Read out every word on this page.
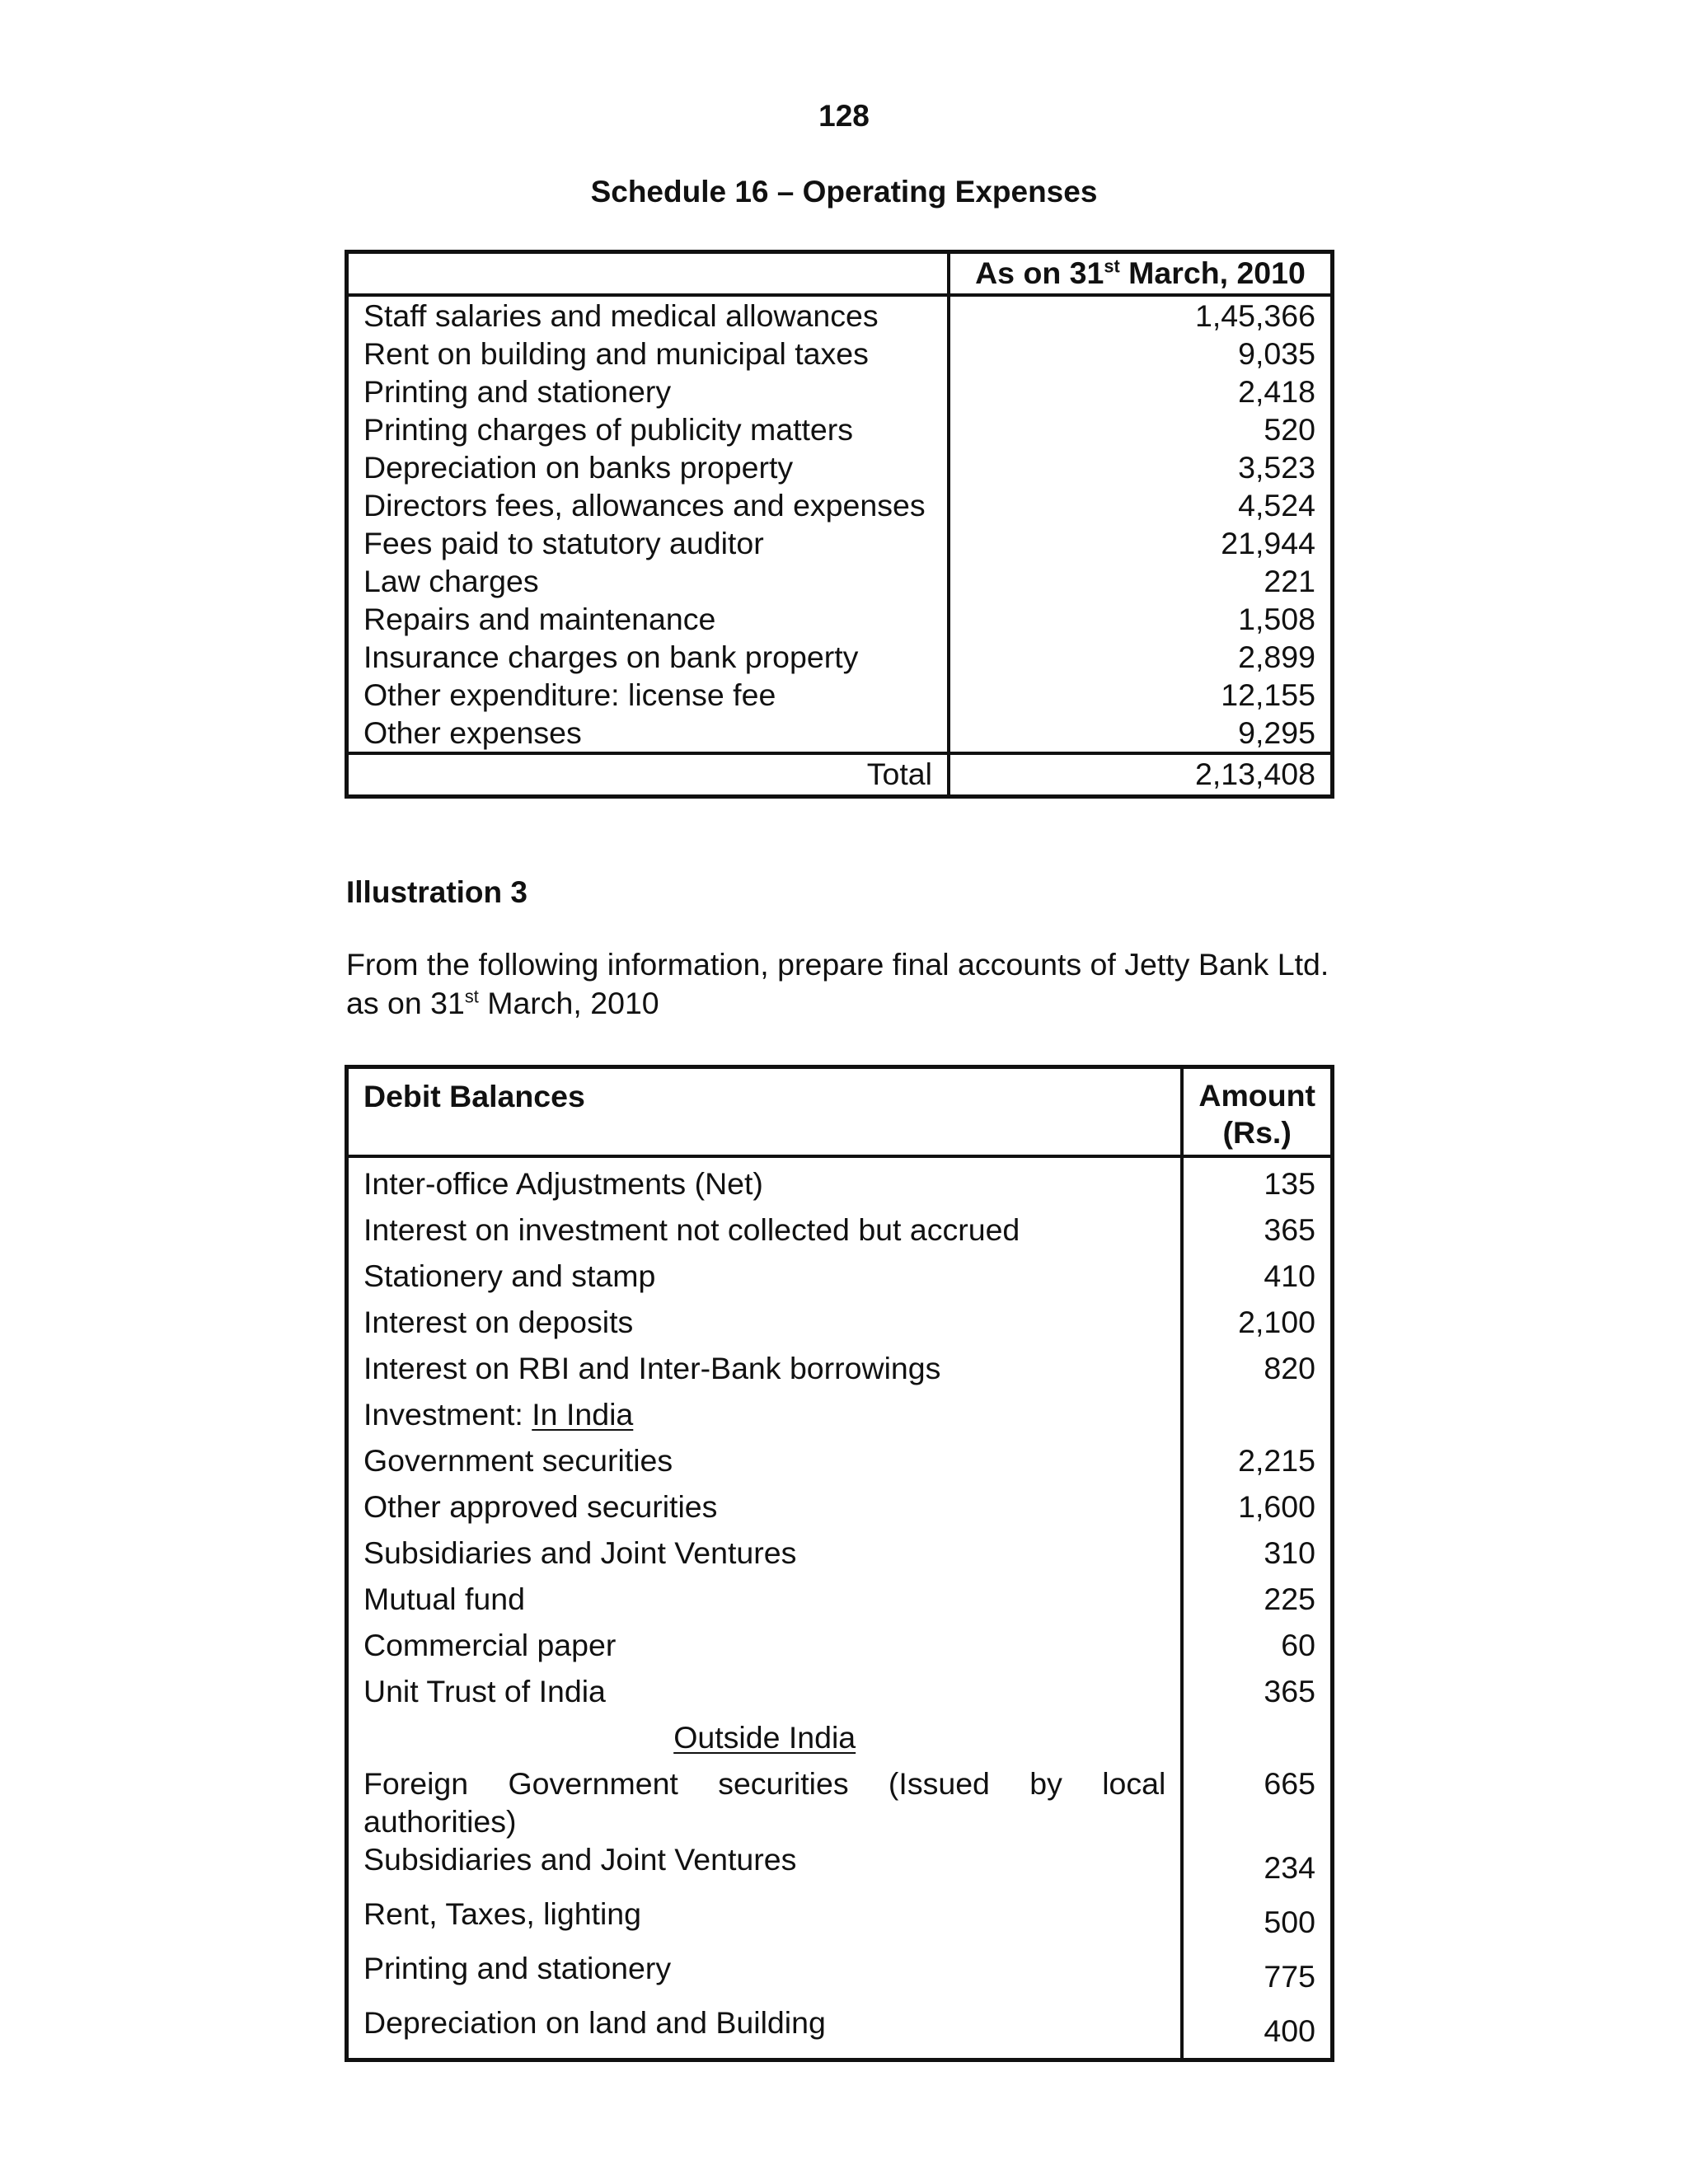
128
Schedule 16 – Operating Expenses
	As on 31st March, 2010
Staff salaries and medical allowances	1,45,366
Rent on building and municipal taxes	9,035
Printing and stationery	2,418
Printing charges of publicity matters	520
Depreciation on banks property	3,523
Directors fees, allowances and expenses	4,524
Fees paid to statutory auditor	21,944
Law charges	221
Repairs and maintenance	1,508
Insurance charges on bank property	2,899
Other expenditure: license fee	12,155
Other expenses	9,295
Total	2,13,408
Illustration 3
From the following information, prepare final accounts of Jetty Bank Ltd. as on 31st March, 2010
Debit Balances	Amount
(Rs.)

Inter-office Adjustments (Net)	135
Interest on investment not collected but accrued	365
Stationery and stamp	410
Interest on deposits	2,100
Interest on RBI and Inter-Bank borrowings	820
Investment: In India	
Government securities	2,215
Other approved securities	1,600
Subsidiaries and Joint Ventures	310
Mutual fund	225
Commercial paper	60
Unit Trust of India	365
Outside India	
Foreign Government securities (Issued by local authorities)	665
Subsidiaries and Joint Ventures	234
Rent, Taxes, lighting	500
Printing and stationery	775
Depreciation on land and Building	400
